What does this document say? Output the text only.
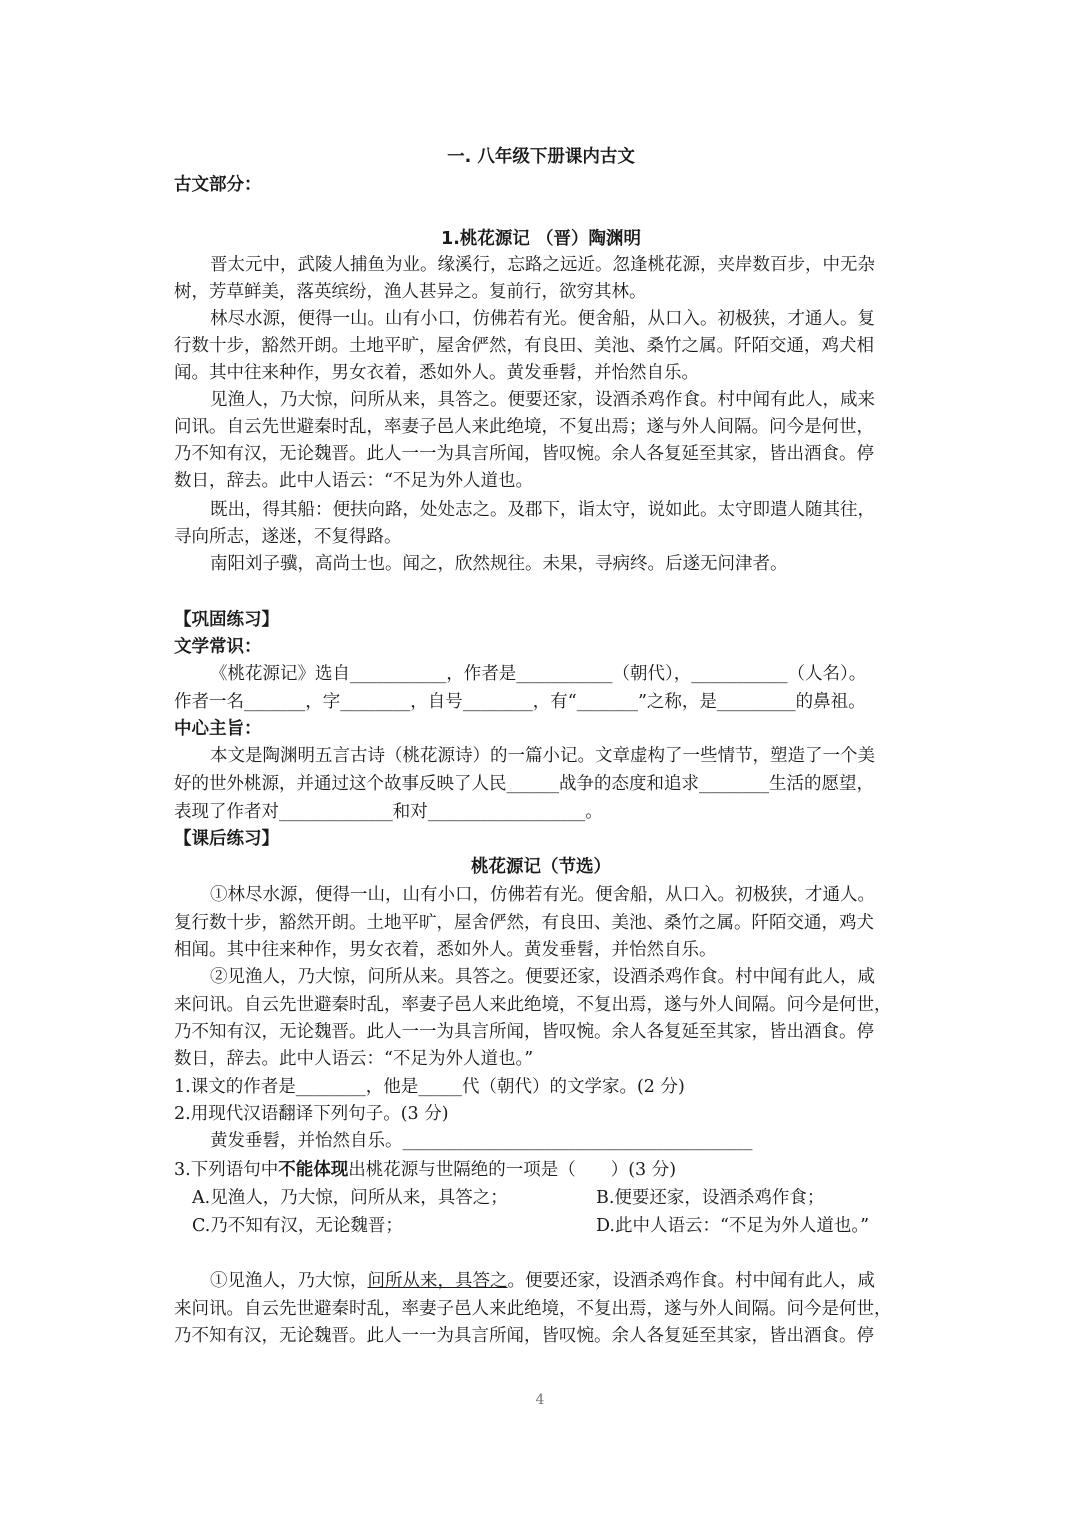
一. 八年级下册课内古文
古文部分：
1.桃花源记 （晋）陶渊明
晋太元中，武陵人捕鱼为业。缘溪行，忘路之远近。忽逢桃花源，夹岸数百步，中无杂
树，芳草鲜美，落英缤纷，渔人甚异之。复前行，欲穷其林。
林尽水源，便得一山。山有小口，仿佛若有光。便舍船，从口入。初极狭，才通人。复
行数十步，豁然开朗。土地平旷，屋舍俨然，有良田、美池、桑竹之属。阡陌交通，鸡犬相
闻。其中往来种作，男女衣着，悉如外人。黄发垂髫，并怡然自乐。
见渔人，乃大惊，问所从来，具答之。便要还家，设酒杀鸡作食。村中闻有此人，咸来
问讯。自云先世避秦时乱，率妻子邑人来此绝境，不复出焉；遂与外人间隔。问今是何世，
乃不知有汉，无论魏晋。此人一一为具言所闻，皆叹惋。余人各复延至其家，皆出酒食。停
数日，辞去。此中人语云：“不足为外人道也。
既出，得其船：便扶向路，处处志之。及郡下，诣太守，说如此。太守即遣人随其往，
寻向所志，遂迷，不复得路。
南阳刘子骥，高尚士也。闻之，欣然规往。未果，寻病终。后遂无问津者。
【巩固练习】
文学常识：
《桃花源记》选自___________，作者是___________（朝代），___________（人名）。
作者一名_______，字________，自号________，有“_______”之称，是_________的鼻祖。
中心主旨：
本文是陶渊明五言古诗（桃花源诗）的一篇小记。文章虚构了一些情节，塑造了一个美
好的世外桃源，并通过这个故事反映了人民______战争的态度和追求________生活的愿望，
表现了作者对_____________和对__________________。
【课后练习】
桃花源记（节选）
①林尽水源，便得一山，山有小口，仿佛若有光。便舍船，从口入。初极狭，才通人。
复行数十步，豁然开朗。土地平旷，屋舍俨然，有良田、美池、桑竹之属。阡陌交通，鸡犬
相闻。其中往来种作，男女衣着，悉如外人。黄发垂髫，并怡然自乐。
②见渔人，乃大惊，问所从来。具答之。便要还家，设酒杀鸡作食。村中闻有此人，咸
来问讯。自云先世避秦时乱，率妻子邑人来此绝境，不复出焉，遂与外人间隔。问今是何世，
乃不知有汉，无论魏晋。此人一一为具言所闻，皆叹惋。余人各复延至其家，皆出酒食。停
数日，辞去。此中人语云：“不足为外人道也。”
1.课文的作者是________，他是_____代（朝代）的文学家。(2 分)
2.用现代汉语翻译下列句子。(3 分)
黄发垂髫，并怡然自乐。________________________________________
3.下列语句中不能体现出桃花源与世隔绝的一项是（　　）(3 分)
A.见渔人，乃大惊，问所从来，具答之；	B.便要还家，设酒杀鸡作食；
C.乃不知有汉，无论魏晋；	D.此中人语云：“不足为外人道也。”
①见渔人，乃大惊，问所从来，具答之。便要还家，设酒杀鸡作食。村中闻有此人，咸
来问讯。自云先世避秦时乱，率妻子邑人来此绝境，不复出焉，遂与外人间隔。问今是何世，
乃不知有汉，无论魏晋。此人一一为具言所闻，皆叹惋。余人各复延至其家，皆出酒食。停
4
